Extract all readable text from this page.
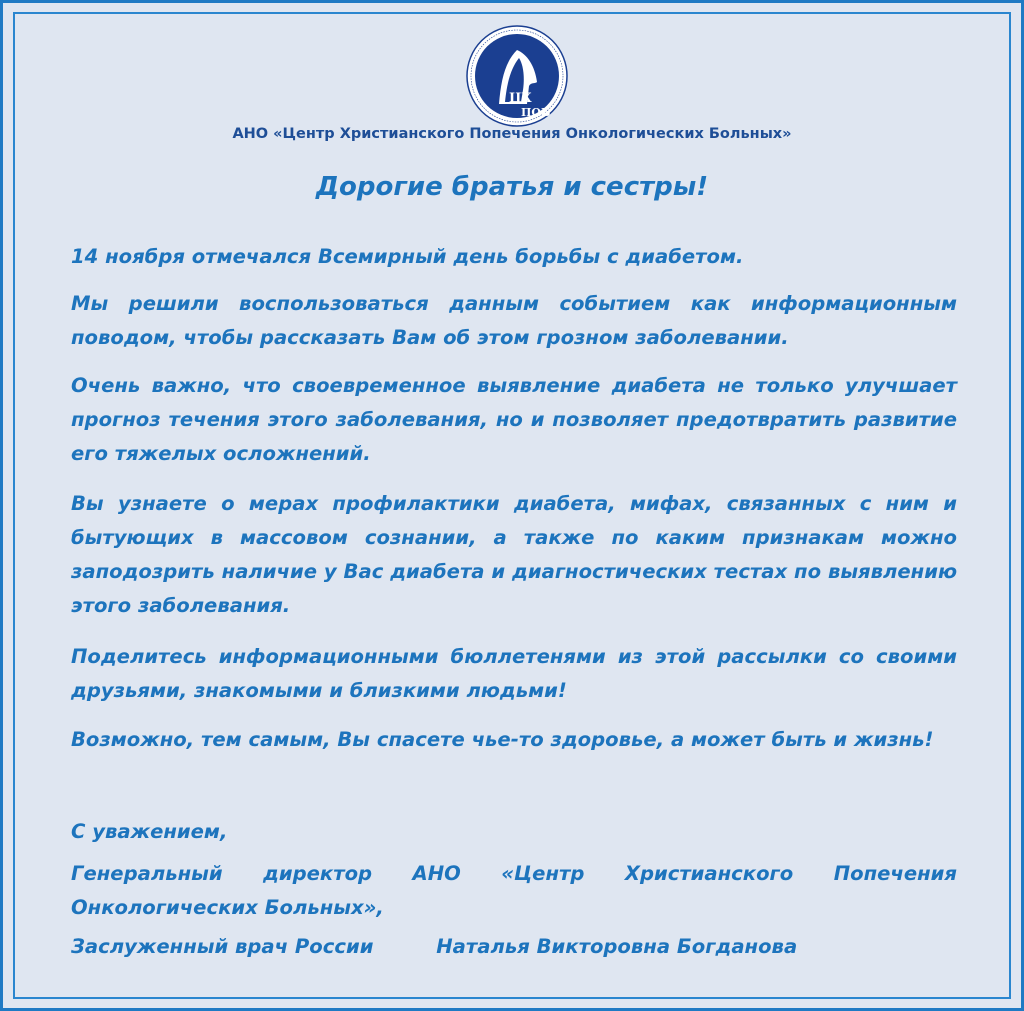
ЦХ
ПОБ

АНО «Центр Христианского Попечения Онкологических Больных»

Дорогие братья и сестры!

14 ноября отмечался Всемирный день борьбы с диабетом.

Мы решили воспользоваться данным событием как информационным поводом, чтобы рассказать Вам об этом грозном заболевании.

Очень важно, что своевременное выявление диабета не только улучшает прогноз течения этого заболевания, но и позволяет предотвратить развитие его тяжелых осложнений.

Вы узнаете о мерах профилактики диабета, мифах, связанных с ним и бытующих в массовом сознании, а также по каким признакам можно заподозрить наличие у Вас диабета и диагностических тестах по выявлению этого заболевания.

Поделитесь информационными бюллетенями из этой рассылки со своими друзьями, знакомыми и близкими людьми!

Возможно, тем самым, Вы спасете чье-то здоровье, а может быть и жизнь!

С уважением,

Генеральный директор АНО «Центр Христианского Попечения Онкологических Больных»,

Заслуженный врач России	Наталья Викторовна Богданова
